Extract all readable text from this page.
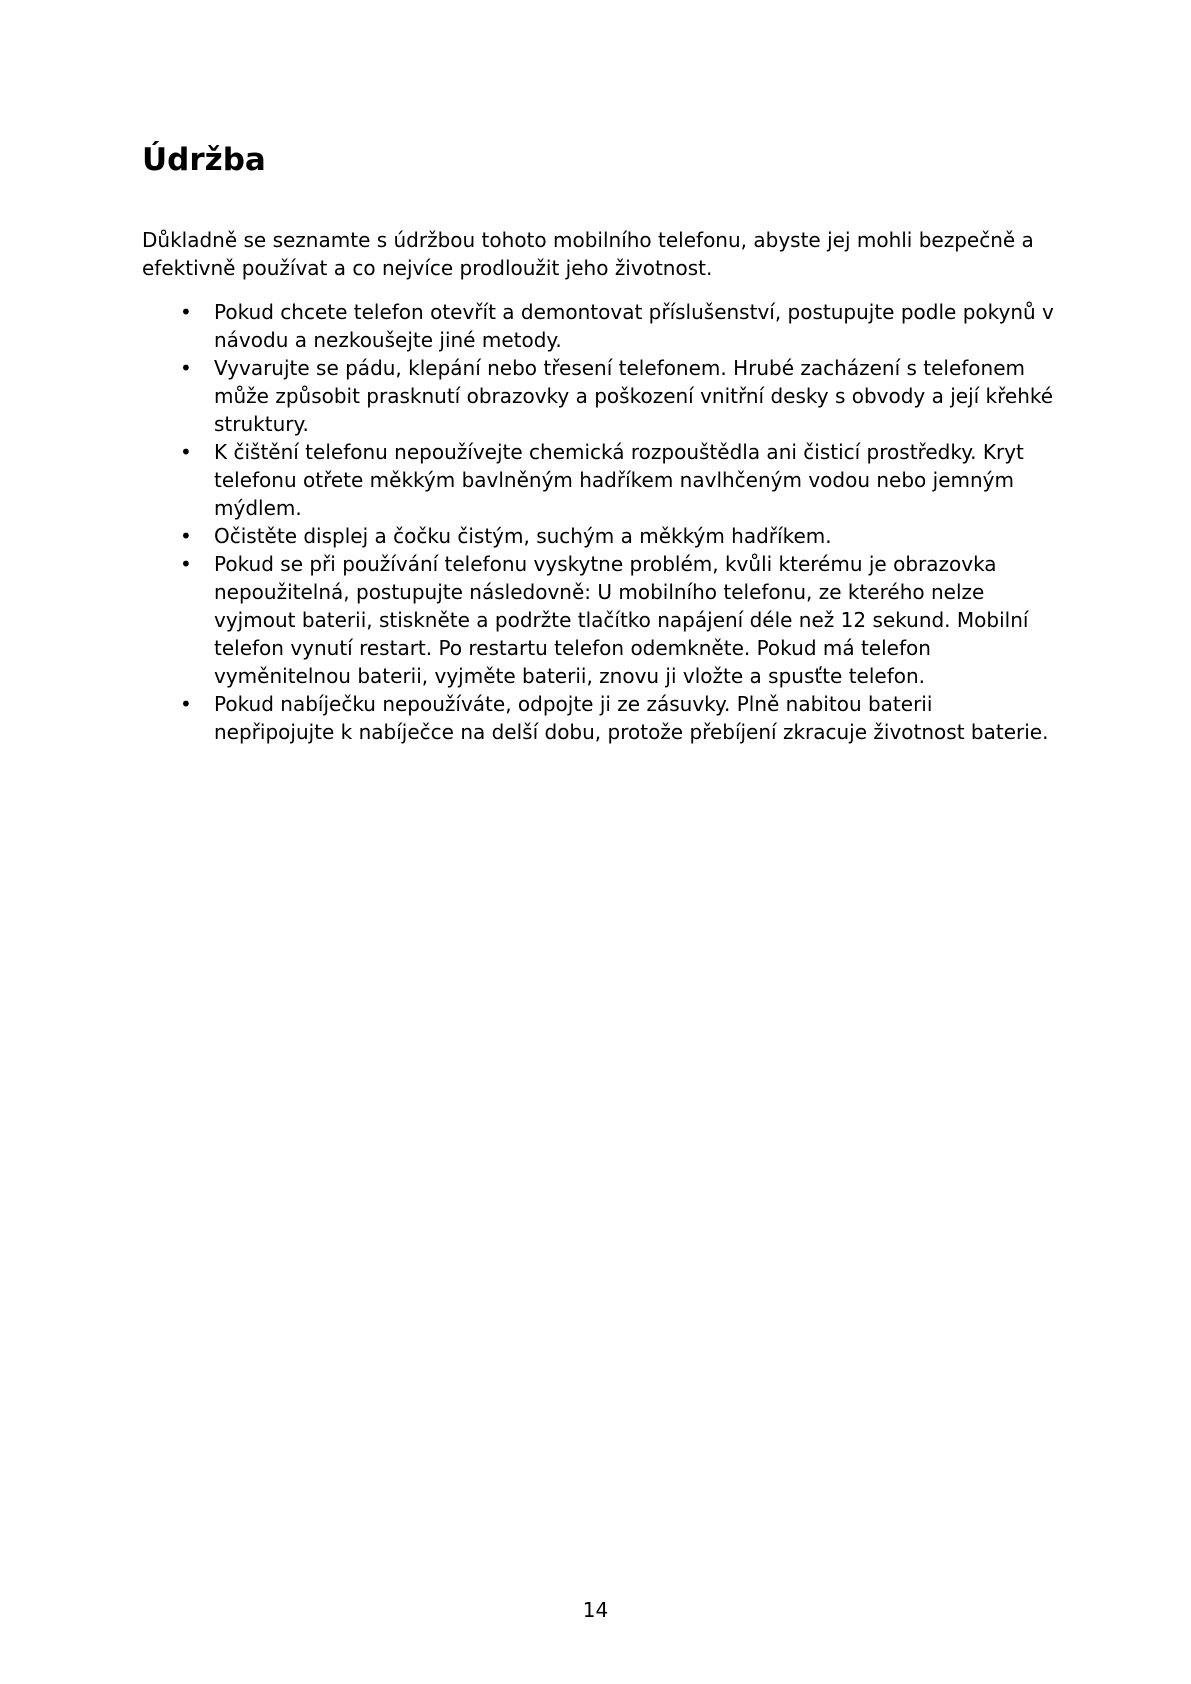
Údržba

Důkladně se seznamte s údržbou tohoto mobilního telefonu, abyste jej mohli bezpečně a
efektivně používat a co nejvíce prodloužit jeho životnost.

• Pokud chcete telefon otevřít a demontovat příslušenství, postupujte podle pokynů v
návodu a nezkoušejte jiné metody.
• Vyvarujte se pádu, klepání nebo třesení telefonem. Hrubé zacházení s telefonem
může způsobit prasknutí obrazovky a poškození vnitřní desky s obvody a její křehké
struktury.
• K čištění telefonu nepoužívejte chemická rozpouštědla ani čisticí prostředky. Kryt
telefonu otřete měkkým bavlněným hadříkem navlhčeným vodou nebo jemným
mýdlem.
• Očistěte displej a čočku čistým, suchým a měkkým hadříkem.
• Pokud se při používání telefonu vyskytne problém, kvůli kterému je obrazovka
nepoužitelná, postupujte následovně: U mobilního telefonu, ze kterého nelze
vyjmout baterii, stiskněte a podržte tlačítko napájení déle než 12 sekund. Mobilní
telefon vynutí restart. Po restartu telefon odemkněte. Pokud má telefon
vyměnitelnou baterii, vyjměte baterii, znovu ji vložte a spusťte telefon.
• Pokud nabíječku nepoužíváte, odpojte ji ze zásuvky. Plně nabitou baterii
nepřipojujte k nabíječce na delší dobu, protože přebíjení zkracuje životnost baterie.
14
